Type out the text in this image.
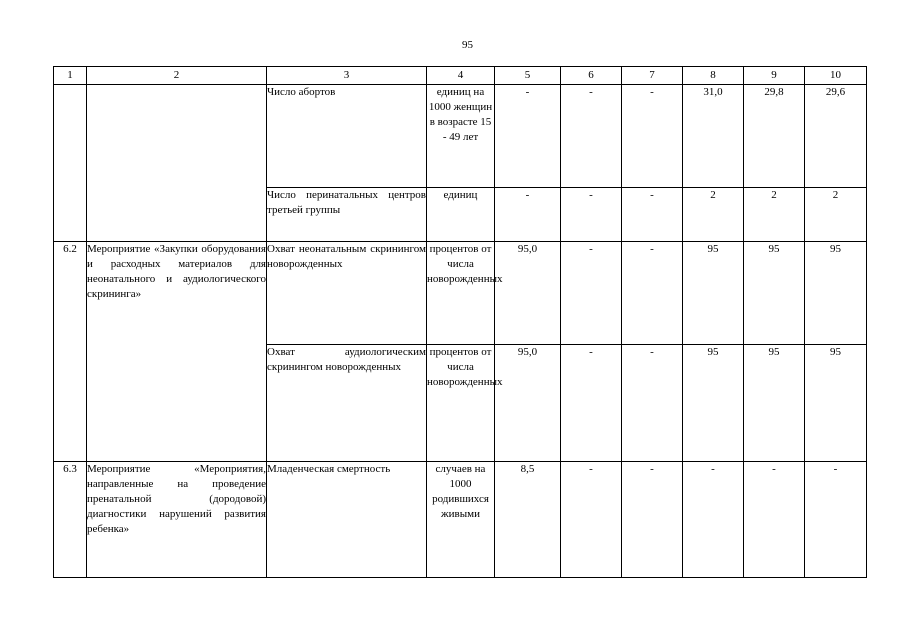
95
1	2	3	4	5	6	7	8	9	10
		Число абортов	единиц на 1000 женщин в возрасте 15 - 49 лет	-	-	-	31,0	29,8	29,6
		Число перинатальных центров третьей группы	единиц	-	-	-	2	2	2
6.2	Мероприятие «Закупки оборудования и расходных материалов для неонатального и аудиологического скрининга»	Охват неонатальным скринингом новорожденных	процентов от числа новорожденных	95,0	-	-	95	95	95
		Охват аудиологическим скринингом новорожденных	процентов от числа новорожденных	95,0	-	-	95	95	95
6.3	Мероприятие «Мероприятия, направленные на проведение пренатальной (дородовой) диагностики нарушений развития ребенка»	Младенческая смертность	случаев на 1000 родившихся живыми	8,5	-	-	-	-	-
